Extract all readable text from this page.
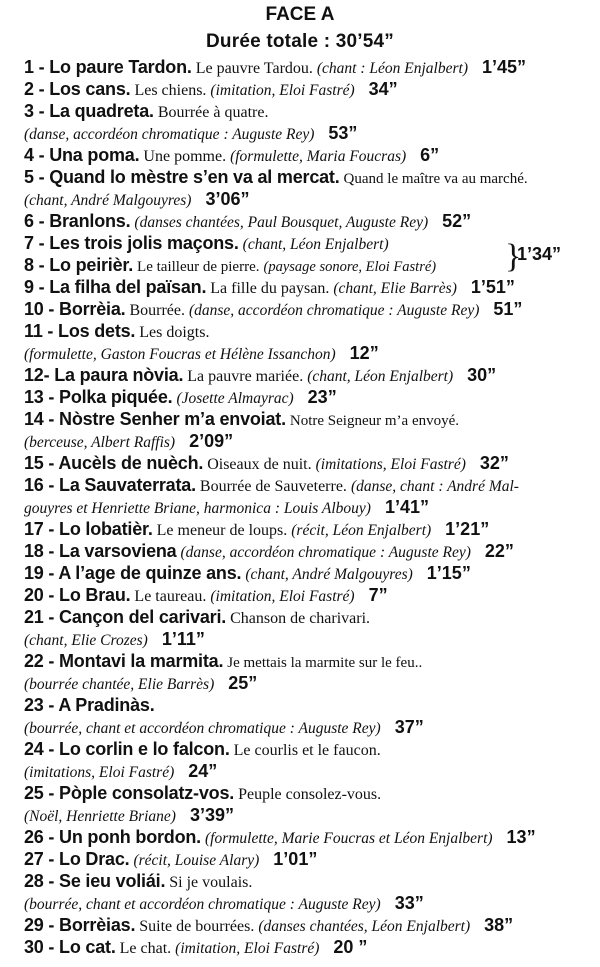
FACE A
Durée totale : 30’54”
1 - Lo paure Tardon. Le pauvre Tardou. (chant : Léon Enjalbert) 1’45”
2 - Los cans. Les chiens. (imitation, Eloi Fastré) 34”
3 - La quadreta. Bourrée à quatre.
(danse, accordéon chromatique : Auguste Rey) 53”
4 - Una poma. Une pomme. (formulette, Maria Foucras) 6”
5 - Quand lo mèstre s’en va al mercat. Quand le maître va au marché.
(chant, André Malgouyres) 3’06”
6 - Branlons. (danses chantées, Paul Bousquet, Auguste Rey) 52”
7 - Les trois jolis maçons. (chant, Léon Enjalbert)
8 - Lo peirièr. Le tailleur de pierre. (paysage sonore, Eloi Fastré) }
1’34”
9 - La filha del païsan. La fille du paysan. (chant, Elie Barrès) 1’51”
10 - Borrèia. Bourrée. (danse, accordéon chromatique : Auguste Rey) 51”
11 - Los dets. Les doigts.
(formulette, Gaston Foucras et Hélène Issanchon) 12”
12- La paura nòvia. La pauvre mariée. (chant, Léon Enjalbert) 30”
13 - Polka piquée. (Josette Almayrac) 23”
14 - Nòstre Senher m’a envoiat. Notre Seigneur m’a envoyé.
(berceuse, Albert Raffis) 2’09”
15 - Aucèls de nuèch. Oiseaux de nuit. (imitations, Eloi Fastré) 32”
16 - La Sauvaterrata. Bourrée de Sauveterre. (danse, chant : André Mal-
gouyres et Henriette Briane, harmonica : Louis Albouy) 1’41”
17 - Lo lobatièr. Le meneur de loups. (récit, Léon Enjalbert) 1’21”
18 - La varsoviena (danse, accordéon chromatique : Auguste Rey) 22”
19 - A l’age de quinze ans. (chant, André Malgouyres) 1’15”
20 - Lo Brau. Le taureau. (imitation, Eloi Fastré) 7”
21 - Cançon del carivari. Chanson de charivari.
(chant, Elie Crozes) 1’11”
22 - Montavi la marmita. Je mettais la marmite sur le feu..
(bourrée chantée, Elie Barrès) 25”
23 - A Pradinàs.
(bourrée, chant et accordéon chromatique : Auguste Rey) 37”
24 - Lo corlin e lo falcon. Le courlis et le faucon.
(imitations, Eloi Fastré) 24”
25 - Pòple consolatz-vos. Peuple consolez-vous.
(Noël, Henriette Briane) 3’39”
26 - Un ponh bordon. (formulette, Marie Foucras et Léon Enjalbert) 13”
27 - Lo Drac. (récit, Louise Alary) 1’01”
28 - Se ieu voliái. Si je voulais.
(bourrée, chant et accordéon chromatique : Auguste Rey) 33”
29 - Borrèias. Suite de bourrées. (danses chantées, Léon Enjalbert) 38”
30 - Lo cat. Le chat. (imitation, Eloi Fastré) 20 ”
